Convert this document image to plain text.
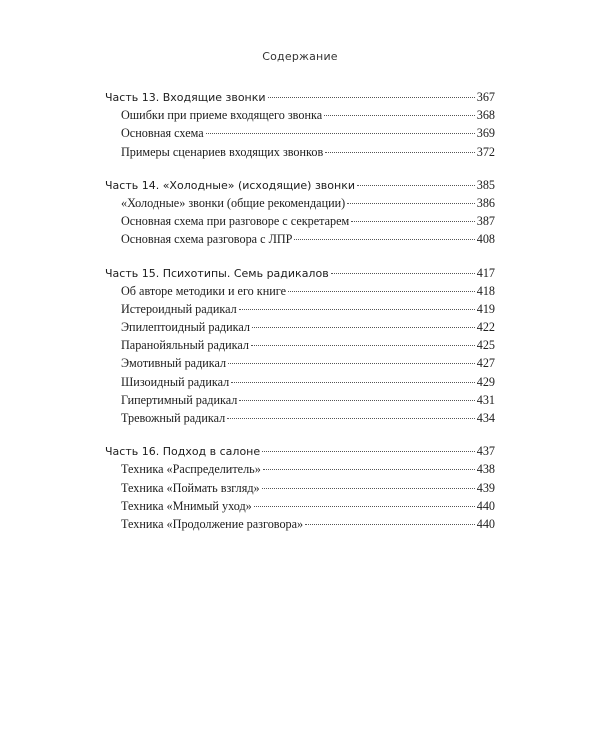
Содержание
Часть 13. Входящие звонки	367
Ошибки при приеме входящего звонка	368
Основная схема	369
Примеры сценариев входящих звонков	372
Часть 14. «Холодные» (исходящие) звонки	385
«Холодные» звонки (общие рекомендации)	386
Основная схема при разговоре с секретарем	387
Основная схема разговора с ЛПР	408
Часть 15. Психотипы. Семь радикалов	417
Об авторе методики и его книге	418
Истероидный радикал	419
Эпилептоидный радикал	422
Паранойяльный радикал	425
Эмотивный радикал	427
Шизоидный радикал	429
Гипертимный радикал	431
Тревожный радикал	434
Часть 16. Подход в салоне	437
Техника «Распределитель»	438
Техника «Поймать взгляд»	439
Техника «Мнимый уход»	440
Техника «Продолжение разговора»	440
